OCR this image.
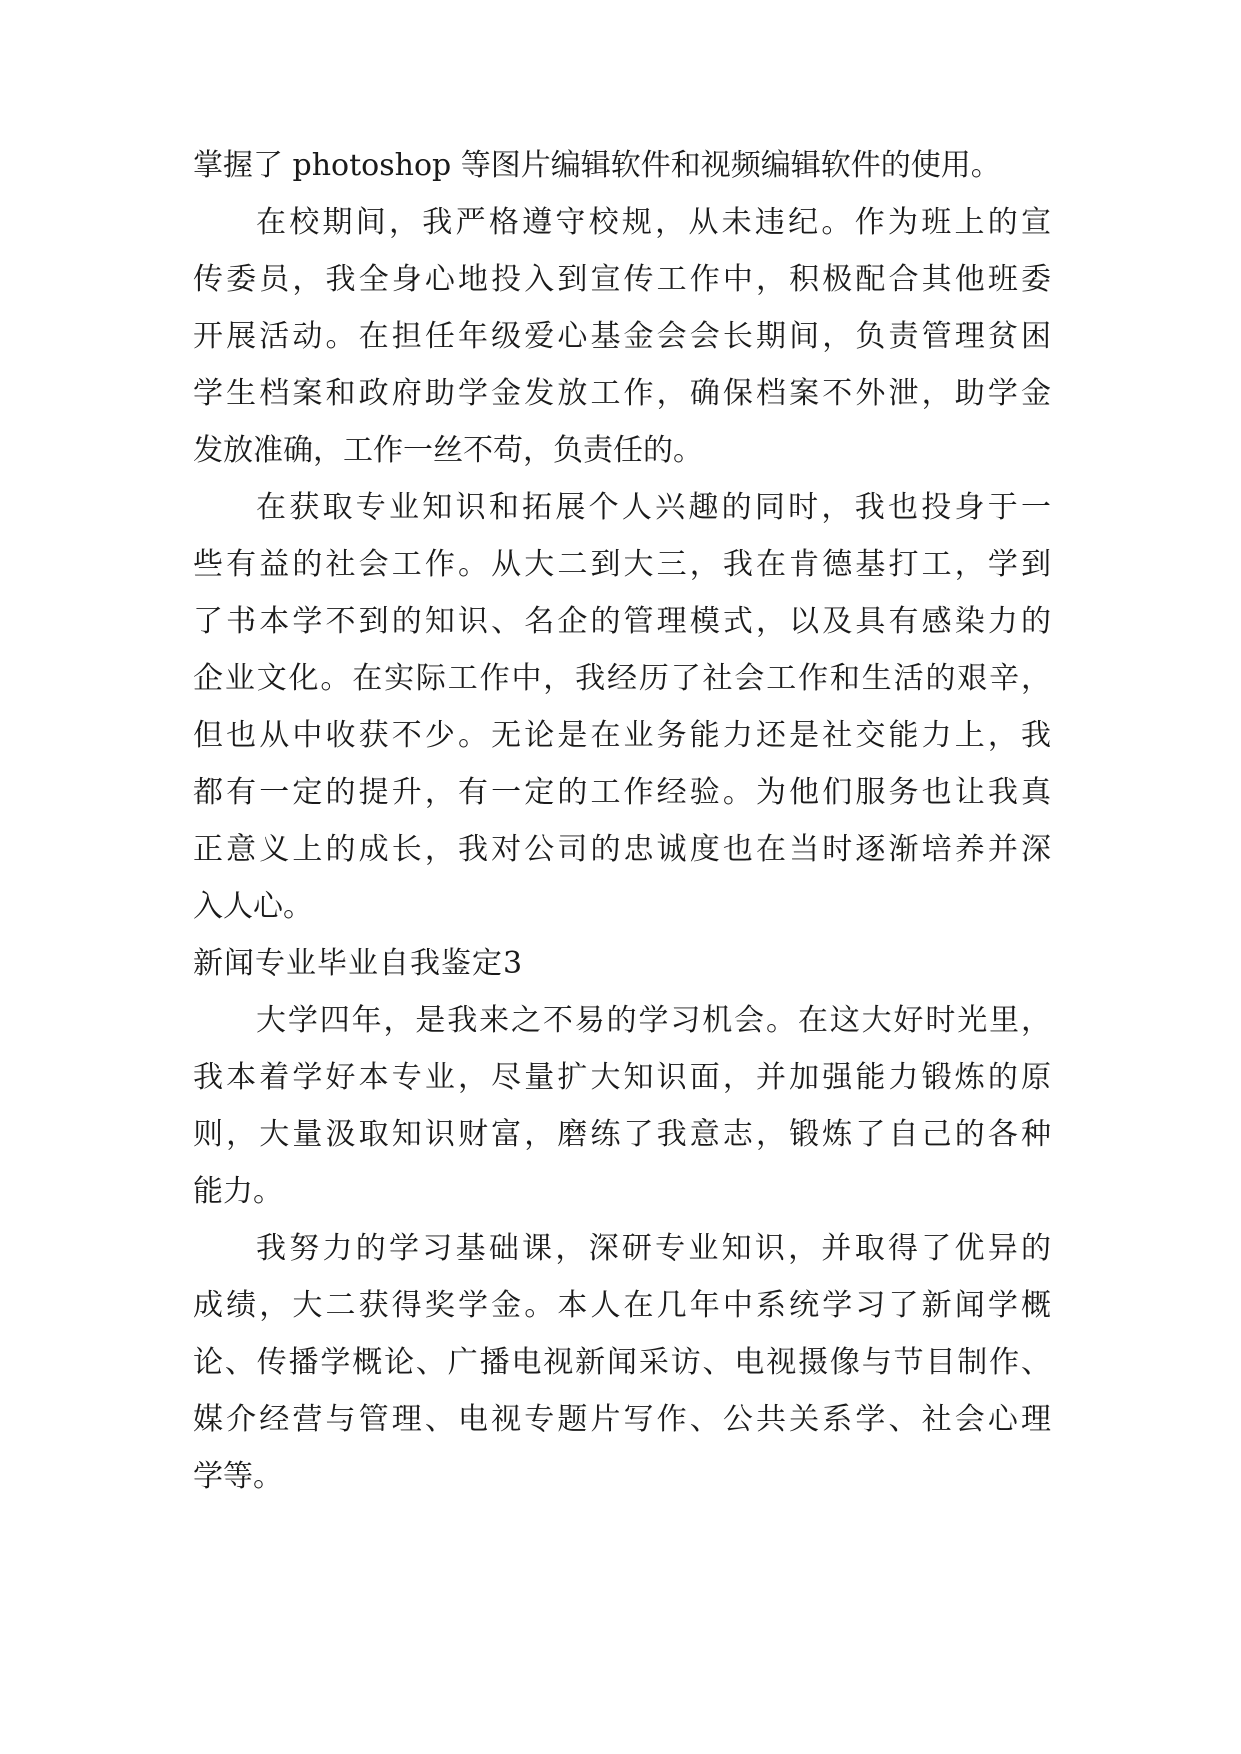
掌握了 photoshop 等图片编辑软件和视频编辑软件的使用。
在校期间，我严格遵守校规，从未违纪。作为班上的宣
传委员，我全身心地投入到宣传工作中，积极配合其他班委
开展活动。在担任年级爱心基金会会长期间，负责管理贫困
学生档案和政府助学金发放工作，确保档案不外泄，助学金
发放准确，工作一丝不苟，负责任的。
在获取专业知识和拓展个人兴趣的同时，我也投身于一
些有益的社会工作。从大二到大三，我在肯德基打工，学到
了书本学不到的知识、名企的管理模式，以及具有感染力的
企业文化。在实际工作中，我经历了社会工作和生活的艰辛，
但也从中收获不少。无论是在业务能力还是社交能力上，我
都有一定的提升，有一定的工作经验。为他们服务也让我真
正意义上的成长，我对公司的忠诚度也在当时逐渐培养并深
入人心。
新闻专业毕业自我鉴定3
大学四年，是我来之不易的学习机会。在这大好时光里，
我本着学好本专业，尽量扩大知识面，并加强能力锻炼的原
则，大量汲取知识财富，磨练了我意志，锻炼了自己的各种
能力。
我努力的学习基础课，深研专业知识，并取得了优异的
成绩，大二获得奖学金。本人在几年中系统学习了新闻学概
论、传播学概论、广播电视新闻采访、电视摄像与节目制作、
媒介经营与管理、电视专题片写作、公共关系学、社会心理
学等。
